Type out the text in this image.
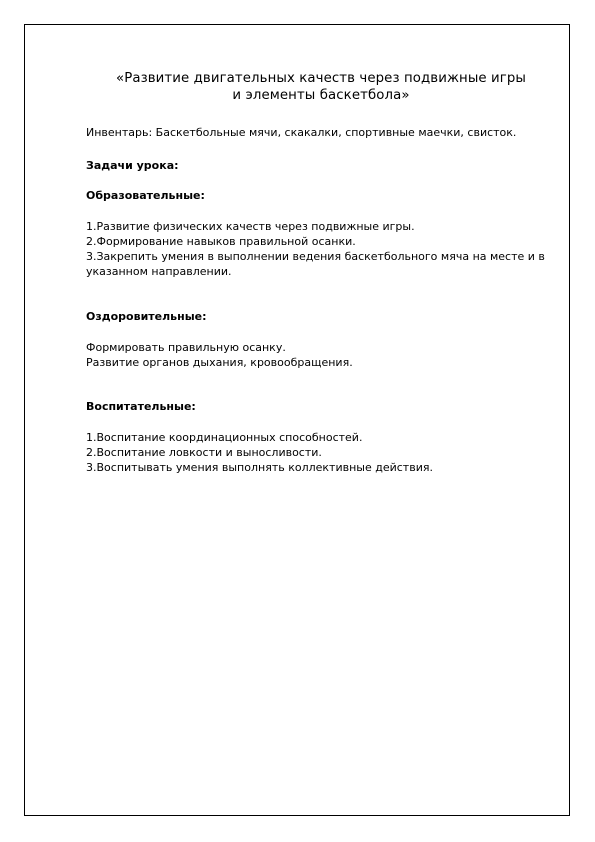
«Развитие двигательных качеств через подвижные игры
и элементы баскетбола»

Инвентарь: Баскетбольные мячи, скакалки, спортивные маечки, свисток.

Задачи урока:

Образовательные:

1.Развитие физических качеств через подвижные игры.
2.Формирование навыков правильной осанки.
3.Закрепить умения в выполнении ведения баскетбольного мяча на месте и в указанном направлении.

Оздоровительные:

Формировать правильную осанку.
Развитие органов дыхания, кровообращения.

Воспитательные:

1.Воспитание координационных способностей.
2.Воспитание ловкости и выносливости.
3.Воспитывать умения выполнять коллективные действия.
